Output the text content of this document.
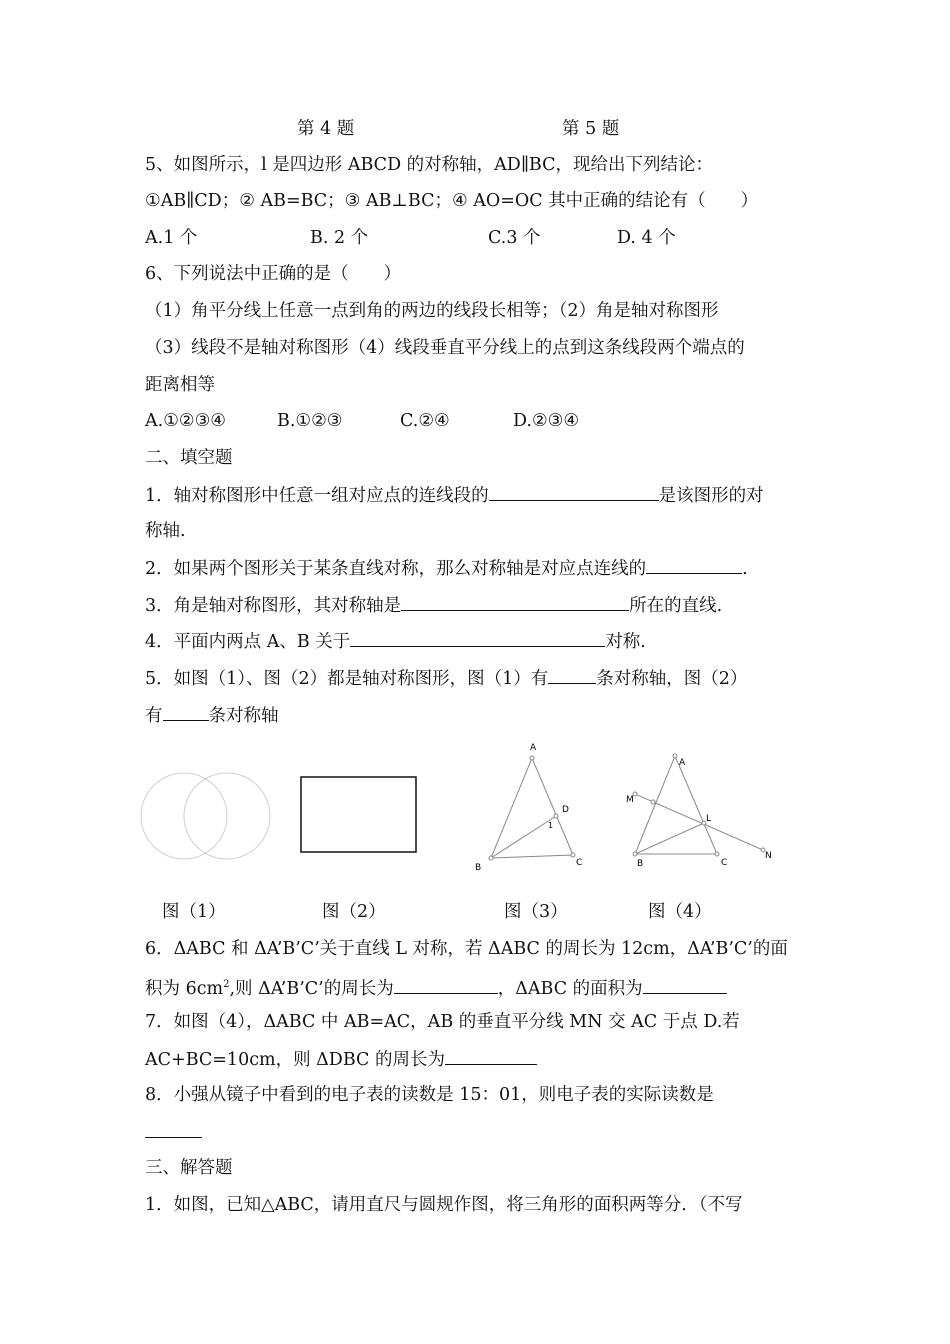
第 4 题	第 5 题
5、如图所示，l 是四边形 ABCD 的对称轴，AD∥BC，现给出下列结论：
①AB∥CD；② AB=BC；③ AB⊥BC；④ AO=OC 其中正确的结论有（　　）
A.1 个	B. 2 个	C.3 个	D. 4 个
6、下列说法中正确的是（　　）
（1）角平分线上任意一点到角的两边的线段长相等；（2）角是轴对称图形
（3）线段不是轴对称图形（4）线段垂直平分线上的点到这条线段两个端点的
距离相等
A.①②③④	B.①②③	C.②④	D.②③④
二、填空题
1．轴对称图形中任意一组对应点的连线段的	是该图形的对
称轴.
2．如果两个图形关于某条直线对称，那么对称轴是对应点连线的	.
3．角是轴对称图形，其对称轴是	所在的直线.
4．平面内两点 A、B 关于	对称.
5．如图（1）、图（2）都是轴对称图形，图（1）有	条对称轴，图（2）
有	条对称轴
A
B	C
D
1
A
B	C
L
M
N
图（1）	图（2）	图（3）	图（4）
6．ΔABC 和 ΔA’B’C’关于直线 L 对称，若 ΔABC 的周长为 12cm，ΔA’B’C’的面
积为 $6cm^2$,则 ΔA’B’C’的周长为	，ΔABC 的面积为
7．如图（4），ΔABC 中 AB=AC，AB 的垂直平分线 MN 交 AC 于点 D.若
AC+BC=10cm，则 ΔDBC 的周长为
8．小强从镜子中看到的电子表的读数是 15：01，则电子表的实际读数是
三、解答题
1．如图，已知△ABC，请用直尺与圆规作图，将三角形的面积两等分．（不写
